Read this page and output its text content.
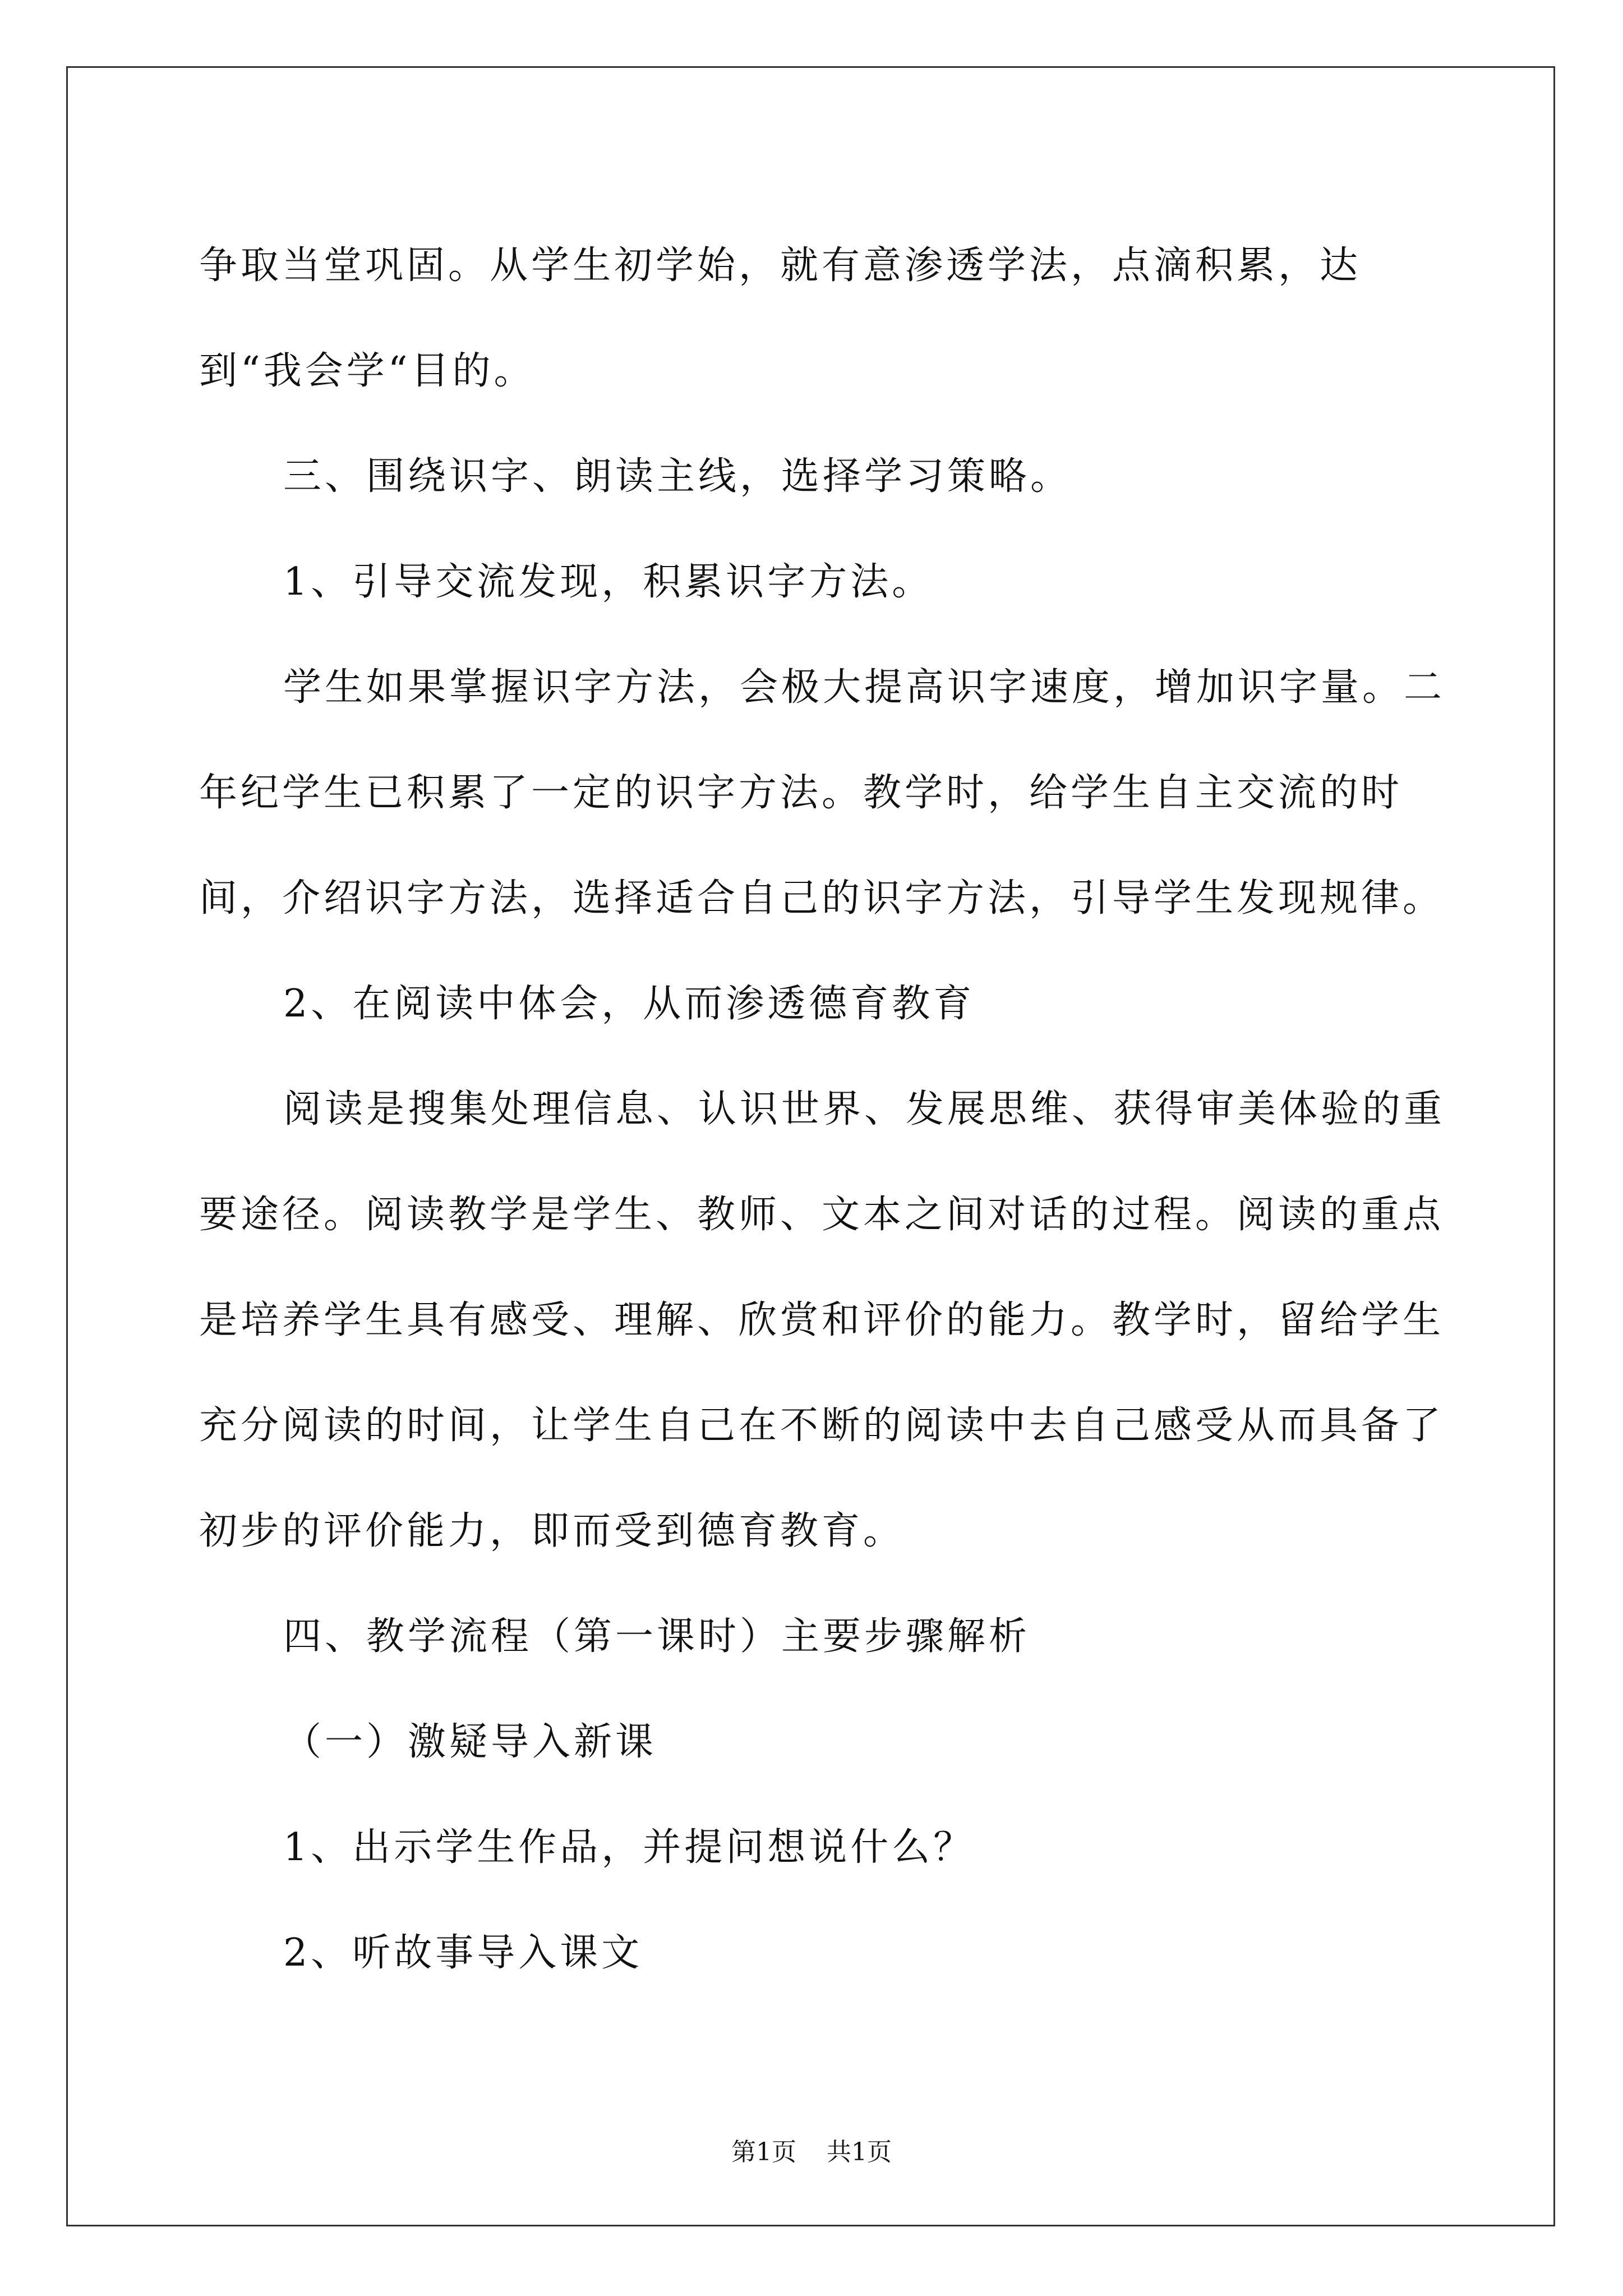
争取当堂巩固。从学生初学始，就有意渗透学法，点滴积累，达到“我会学“目的。

三、围绕识字、朗读主线，选择学习策略。

1、引导交流发现，积累识字方法。

学生如果掌握识字方法，会极大提高识字速度，增加识字量。二年纪学生已积累了一定的识字方法。教学时，给学生自主交流的时间，介绍识字方法，选择适合自己的识字方法，引导学生发现规律。

2、在阅读中体会，从而渗透德育教育

阅读是搜集处理信息、认识世界、发展思维、获得审美体验的重要途径。阅读教学是学生、教师、文本之间对话的过程。阅读的重点是培养学生具有感受、理解、欣赏和评价的能力。教学时，留给学生充分阅读的时间，让学生自己在不断的阅读中去自己感受从而具备了初步的评价能力，即而受到德育教育。

四、教学流程（第一课时）主要步骤解析

（一）激疑导入新课

1、出示学生作品，并提问想说什么？

2、听故事导入课文

第1页 共1页
